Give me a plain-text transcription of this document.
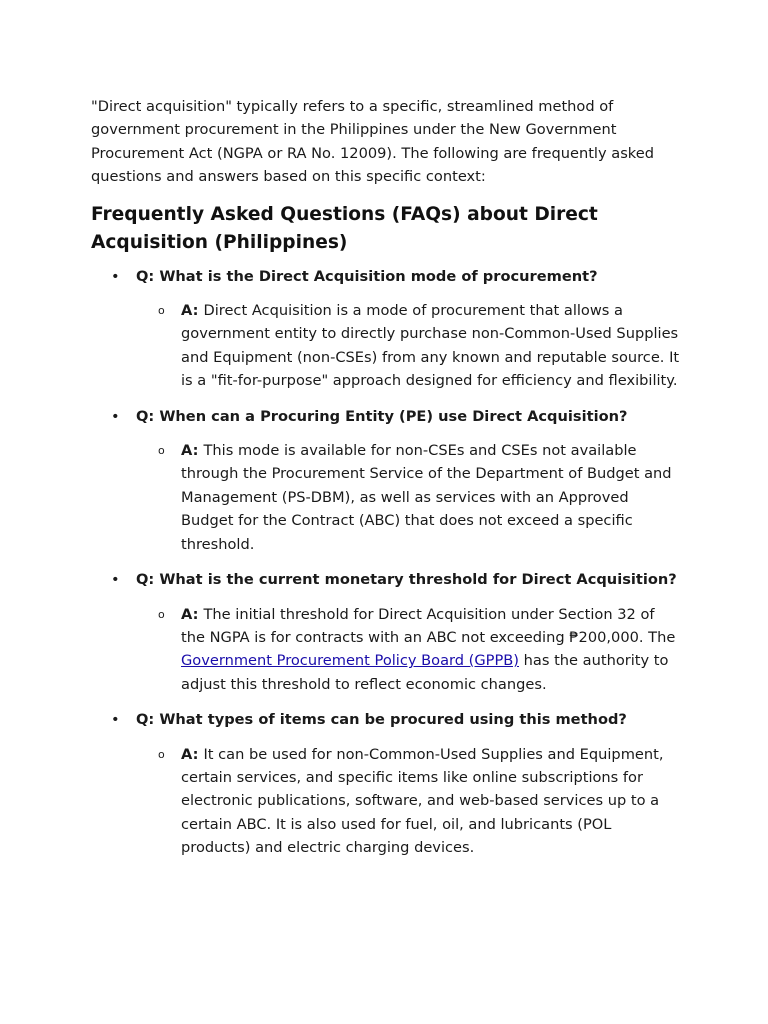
"Direct acquisition" typically refers to a specific, streamlined method of government procurement in the Philippines under the New Government Procurement Act (NGPA or RA No. 12009). The following are frequently asked questions and answers based on this specific context:

Frequently Asked Questions (FAQs) about Direct Acquisition (Philippines)
• Q: What is the Direct Acquisition mode of procurement?
o A: Direct Acquisition is a mode of procurement that allows a government entity to directly purchase non-Common-Used Supplies and Equipment (non-CSEs) from any known and reputable source. It is a "fit-for-purpose" approach designed for efficiency and flexibility.
• Q: When can a Procuring Entity (PE) use Direct Acquisition?
o A: This mode is available for non-CSEs and CSEs not available through the Procurement Service of the Department of Budget and Management (PS-DBM), as well as services with an Approved Budget for the Contract (ABC) that does not exceed a specific threshold.
• Q: What is the current monetary threshold for Direct Acquisition?
o A: The initial threshold for Direct Acquisition under Section 32 of the NGPA is for contracts with an ABC not exceeding ₱200,000. The Government Procurement Policy Board (GPPB) has the authority to adjust this threshold to reflect economic changes.
• Q: What types of items can be procured using this method?
o A: It can be used for non-Common-Used Supplies and Equipment, certain services, and specific items like online subscriptions for electronic publications, software, and web-based services up to a certain ABC. It is also used for fuel, oil, and lubricants (POL products) and electric charging devices.
